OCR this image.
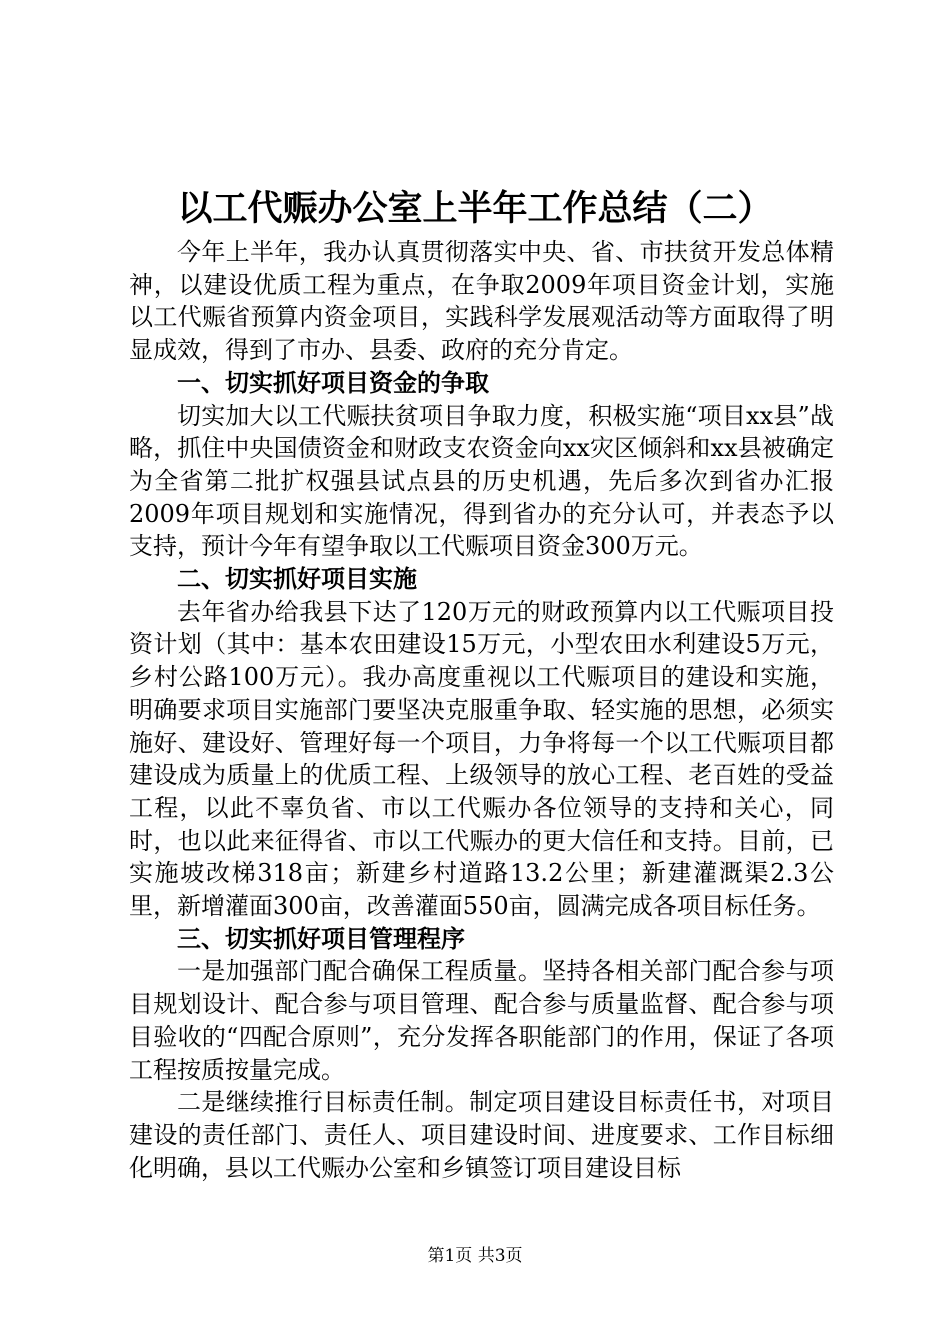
以工代赈办公室上半年工作总结（二）

今年上半年，我办认真贯彻落实中央、省、市扶贫开发总体精神，以建设优质工程为重点，在争取2009年项目资金计划，实施以工代赈省预算内资金项目，实践科学发展观活动等方面取得了明显成效，得到了市办、县委、政府的充分肯定。

一、切实抓好项目资金的争取

切实加大以工代赈扶贫项目争取力度，积极实施“项目xx县”战略，抓住中央国债资金和财政支农资金向xx灾区倾斜和xx县被确定为全省第二批扩权强县试点县的历史机遇，先后多次到省办汇报2009年项目规划和实施情况，得到省办的充分认可，并表态予以支持，预计今年有望争取以工代赈项目资金300万元。

二、切实抓好项目实施

去年省办给我县下达了120万元的财政预算内以工代赈项目投资计划（其中：基本农田建设15万元，小型农田水利建设5万元，乡村公路100万元）。我办高度重视以工代赈项目的建设和实施，明确要求项目实施部门要坚决克服重争取、轻实施的思想，必须实施好、建设好、管理好每一个项目，力争将每一个以工代赈项目都建设成为质量上的优质工程、上级领导的放心工程、老百姓的受益工程，以此不辜负省、市以工代赈办各位领导的支持和关心，同时，也以此来征得省、市以工代赈办的更大信任和支持。目前，已实施坡改梯318亩；新建乡村道路13.2公里；新建灌溉渠2.3公里，新增灌面300亩，改善灌面550亩，圆满完成各项目标任务。

三、切实抓好项目管理程序

一是加强部门配合确保工程质量。坚持各相关部门配合参与项目规划设计、配合参与项目管理、配合参与质量监督、配合参与项目验收的“四配合原则”，充分发挥各职能部门的作用，保证了各项工程按质按量完成。

二是继续推行目标责任制。制定项目建设目标责任书，对项目建设的责任部门、责任人、项目建设时间、进度要求、工作目标细化明确，县以工代赈办公室和乡镇签订项目建设目标

第1页 共3页
